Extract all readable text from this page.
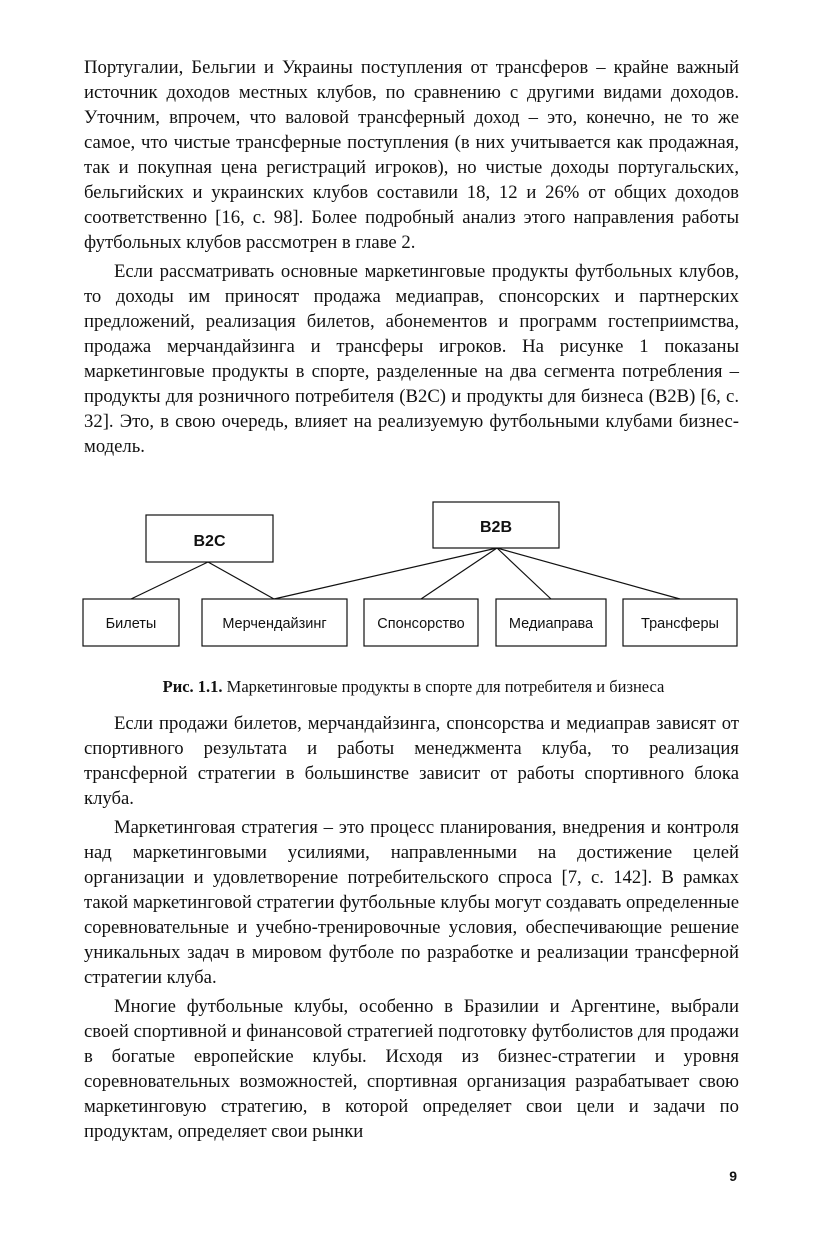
Португалии, Бельгии и Украины поступления от трансферов – крайне важный источник доходов местных клубов, по сравнению с другими видами доходов. Уточним, впрочем, что валовой трансферный доход – это, конечно, не то же самое, что чистые трансферные поступления (в них учитывается как продажная, так и покупная цена регистраций игроков), но чистые доходы португальских, бельгийских и украинских клубов составили 18, 12 и 26% от общих доходов соответственно [16, с. 98]. Более подробный анализ этого направления работы футбольных клубов рассмотрен в главе 2.

Если рассматривать основные маркетинговые продукты футбольных клубов, то доходы им приносят продажа медиаправ, спонсорских и партнерских предложений, реализация билетов, абонементов и программ гостеприимства, продажа мерчандайзинга и трансферы игроков. На рисунке 1 показаны маркетинговые продукты в спорте, разделенные на два сегмента потребления – продукты для розничного потребителя (B2C) и продукты для бизнеса (B2B) [6, с. 32]. Это, в свою очередь, влияет на реализуемую футбольными клубами бизнес-модель.

B2C
B2B
Билеты	Мерчендайзинг	Спонсорство	Медиаправа	Трансферы
Рис. 1.1. Маркетинговые продукты в спорте для потребителя и бизнеса

Если продажи билетов, мерчандайзинга, спонсорства и медиаправ зависят от спортивного результата и работы менеджмента клуба, то реализация трансферной стратегии в большинстве зависит от работы спортивного блока клуба.

Маркетинговая стратегия – это процесс планирования, внедрения и контроля над маркетинговыми усилиями, направленными на достижение целей организации и удовлетворение потребительского спроса [7, с. 142]. В рамках такой маркетинговой стратегии футбольные клубы могут создавать определенные соревновательные и учебно-тренировочные условия, обеспечивающие решение уникальных задач в мировом футболе по разработке и реализации трансферной стратегии клуба.

Многие футбольные клубы, особенно в Бразилии и Аргентине, выбрали своей спортивной и финансовой стратегией подготовку футболистов для продажи в богатые европейские клубы. Исходя из бизнес-стратегии и уровня соревновательных возможностей, спортивная организация разрабатывает свою маркетинговую стратегию, в которой определяет свои цели и задачи по продуктам, определяет свои рынки

9
